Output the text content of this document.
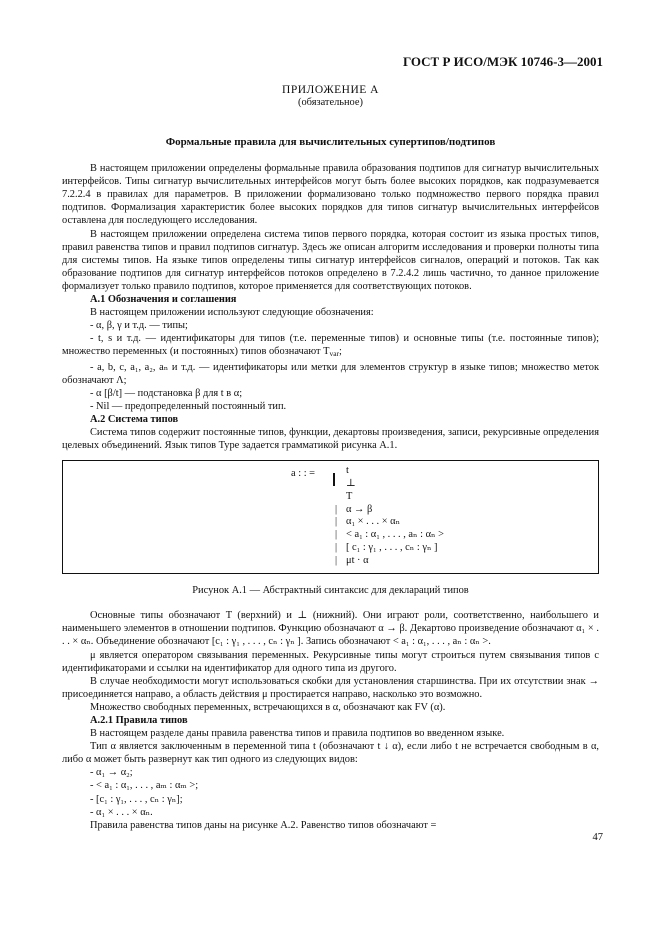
ГОСТ Р ИСО/МЭК 10746-3—2001
ПРИЛОЖЕНИЕ А
(обязательное)
Формальные правила для вычислительных супертипов/подтипов

В настоящем приложении определены формальные правила образования подтипов для сигнатур вычислительных интерфейсов. Типы сигнатур вычислительных интерфейсов могут быть более высоких порядков, как подразумевается 7.2.2.4 в правилах для параметров. В приложении формализовано только подмножество первого порядка правил подтипов. Формализация характеристик более высоких порядков для типов сигнатур вычислительных интерфейсов оставлена для последующего исследования.

В настоящем приложении определена система типов первого порядка, которая состоит из языка простых типов, правил равенства типов и правил подтипов сигнатур. Здесь же описан алгоритм исследования и проверки полноты типа для системы типов. На языке типов определены типы сигнатур интерфейсов сигналов, операций и потоков. Так как образование подтипов для сигнатур интерфейсов потоков определено в 7.2.4.2 лишь частично, то данное приложение формализует только правило подтипов, которое применяется для соответствующих потоков.

А.1 Обозначения и соглашения

В настоящем приложении используют следующие обозначения:

- α, β, γ и т.д. — типы;

- t, s и т.д. — идентификаторы для типов (т.е. переменные типов) и основные типы (т.е. постоянные типов); множество переменных (и постоянных) типов обозначают $T_{var}$;

- a, b, c, a₁, a₂, aₙ и т.д. — идентификаторы или метки для элементов структур в языке типов; множество меток обозначают Λ;

- α [β/t] — подстановка β для t в α;

- Nil — предопределенный постоянный тип.

А.2 Система типов

Система типов содержит постоянные типов, функции, декартовы произведения, записи, рекурсивные определения целевых объединений. Язык типов Type задается грамматикой рисунка А.1.

a : : =	t
⊥
T
| α → β
| α₁ × . . . × αₙ
| < a₁ : α₁ , . . . , aₙ : αₙ >
| [ c₁ : γ₁ , . . . , cₙ : γₙ ]
| μt · α
Рисунок А.1 — Абстрактный синтаксис для деклараций типов

Основные типы обозначают T (верхний) и ⊥ (нижний). Они играют роли, соответственно, наибольшего и наименьшего элементов в отношении подтипов. Функцию обозначают α → β. Декартово произведение обозначают α₁ × . . . × αₙ. Объединение обозначают [c₁ : γ₁ , . . . , cₙ : γₙ ]. Запись обозначают < a₁ : α₁, . . . , aₙ : αₙ >.

μ является оператором связывания переменных. Рекурсивные типы могут строиться путем связывания типов с идентификаторами и ссылки на идентификатор для одного типа из другого.

В случае необходимости могут использоваться скобки для установления старшинства. При их отсутствии знак → присоединяется направо, а область действия μ простирается направо, насколько это возможно.

Множество свободных переменных, встречающихся в α, обозначают как FV (α).

А.2.1 Правила типов

В настоящем разделе даны правила равенства типов и правила подтипов во введенном языке.

Тип α является заключенным в переменной типа t (обозначают t ↓ α), если либо t не встречается свободным в α, либо α может быть развернут как тип одного из следующих видов:

- α₁ → α₂;

- < a₁ : α₁, . . . , aₘ : αₘ >;

- [c₁ : γ₁, . . . , cₙ : γₙ];

- α₁ × . . . × αₙ.

Правила равенства типов даны на рисунке А.2. Равенство типов обозначают =

47
